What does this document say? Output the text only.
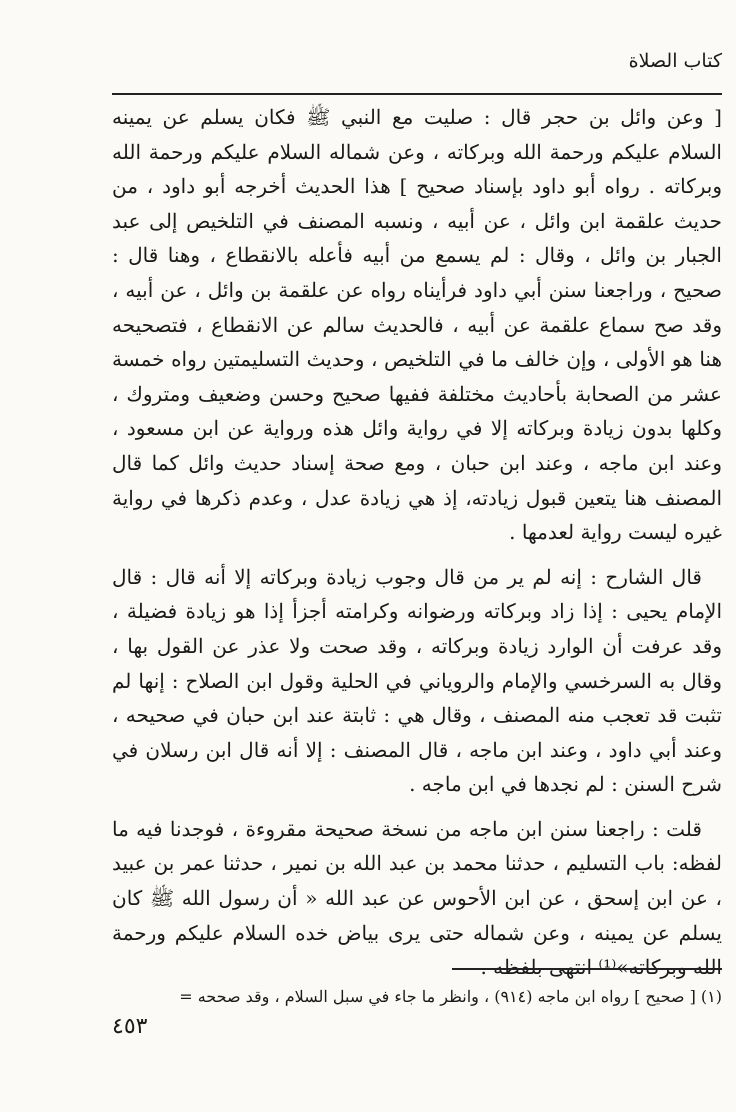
كتاب الصلاة

[ وعن وائل بن حجر قال : صليت مع النبي ﷺ فكان يسلم عن يمينه السلام عليكم ورحمة الله وبركاته ، وعن شماله السلام عليكم ورحمة الله وبركاته . رواه أبو داود بإسناد صحيح ] هذا الحديث أخرجه أبو داود ، من حديث علقمة ابن وائل ، عن أبيه ، ونسبه المصنف في التلخيص إلى عبد الجبار بن وائل ، وقال : لم يسمع من أبيه فأعله بالانقطاع ، وهنا قال : صحيح ، وراجعنا سنن أبي داود فرأيناه رواه عن علقمة بن وائل ، عن أبيه ، وقد صح سماع علقمة عن أبيه ، فالحديث سالم عن الانقطاع ، فتصحيحه هنا هو الأولى ، وإن خالف ما في التلخيص ، وحديث التسليمتين رواه خمسة عشر من الصحابة بأحاديث مختلفة ففيها صحيح وحسن وضعيف ومتروك ، وكلها بدون زيادة وبركاته إلا في رواية وائل هذه ورواية عن ابن مسعود ، وعند ابن ماجه ، وعند ابن حبان ، ومع صحة إسناد حديث وائل كما قال المصنف هنا يتعين قبول زيادته، إذ هي زيادة عدل ، وعدم ذكرها في رواية غيره ليست رواية لعدمها .

قال الشارح : إنه لم ير من قال وجوب زيادة وبركاته إلا أنه قال : قال الإمام يحيى : إذا زاد وبركاته ورضوانه وكرامته أجزأ إذا هو زيادة فضيلة ، وقد عرفت أن الوارد زيادة وبركاته ، وقد صحت ولا عذر عن القول بها ، وقال به السرخسي والإمام والروياني في الحلية وقول ابن الصلاح : إنها لم تثبت قد تعجب منه المصنف ، وقال هي : ثابتة عند ابن حبان في صحيحه ، وعند أبي داود ، وعند ابن ماجه ، قال المصنف : إلا أنه قال ابن رسلان في شرح السنن : لم نجدها في ابن ماجه .

قلت : راجعنا سنن ابن ماجه من نسخة صحيحة مقروءة ، فوجدنا فيه ما لفظه: باب التسليم ، حدثنا محمد بن عبد الله بن نمير ، حدثنا عمر بن عبيد ، عن ابن إسحق ، عن ابن الأحوس عن عبد الله « أن رسول الله ﷺ كان يسلم عن يمينه ، وعن شماله حتى يرى بياض خده السلام عليكم ورحمة الله وبركاته»⁽¹⁾ انتهى بلفظه .

(١) [ صحيح ] رواه ابن ماجه (٩١٤) ، وانظر ما جاء في سبل السلام ، وقد صححه =
٤٥٣
